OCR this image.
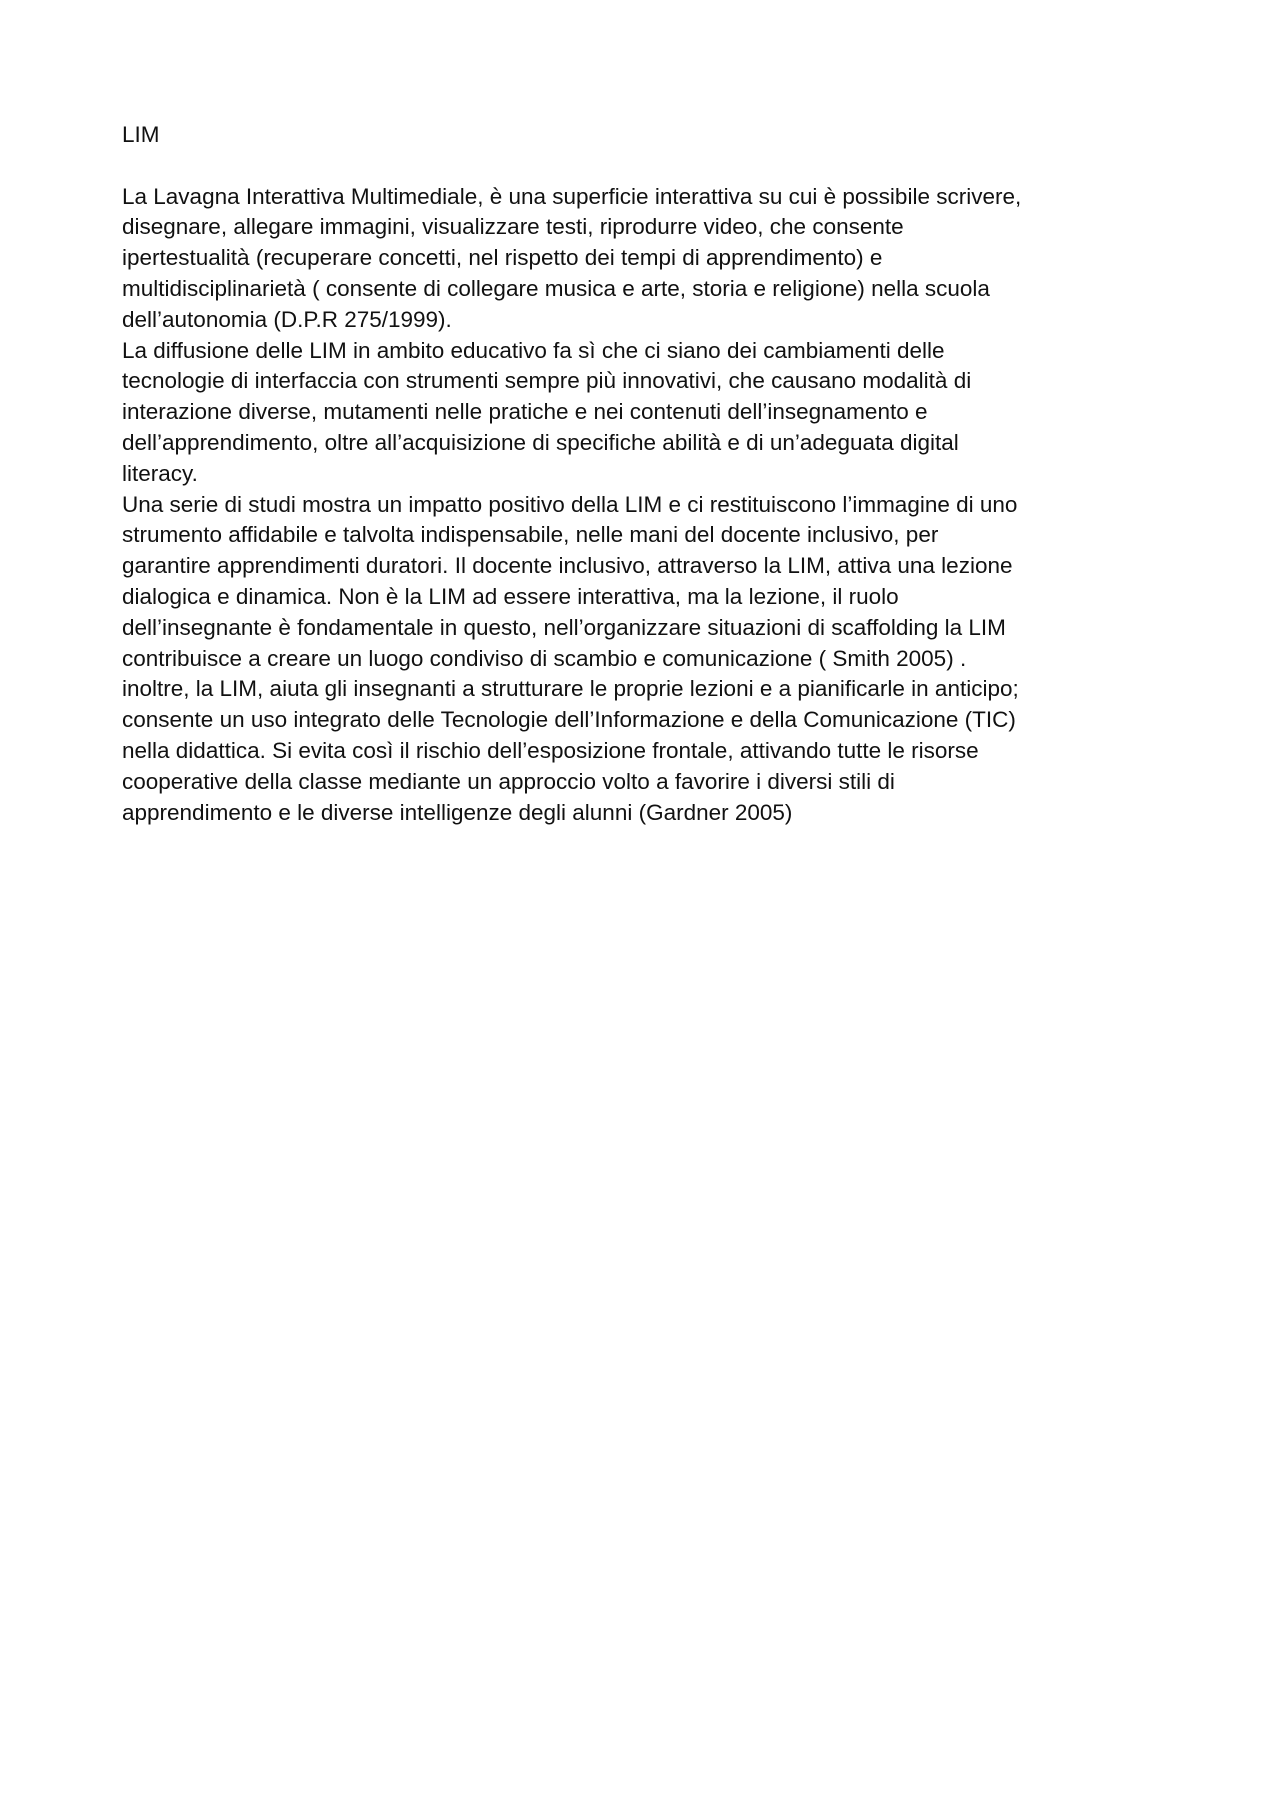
LIM
La Lavagna Interattiva Multimediale, è una superficie interattiva su cui è possibile scrivere,
disegnare, allegare immagini, visualizzare testi, riprodurre video, che consente
ipertestualità (recuperare concetti, nel rispetto dei tempi di apprendimento) e
multidisciplinarietà ( consente di collegare musica e arte, storia e religione) nella scuola
dell’autonomia (D.P.R 275/1999).
La diffusione delle LIM in ambito educativo fa sì che ci siano dei cambiamenti delle
tecnologie di interfaccia con strumenti sempre più innovativi, che causano modalità di
interazione diverse, mutamenti nelle pratiche e nei contenuti dell’insegnamento e
dell’apprendimento, oltre all’acquisizione di specifiche abilità e di un’adeguata digital
literacy.
Una serie di studi mostra un impatto positivo della LIM e ci restituiscono l’immagine di uno
strumento affidabile e talvolta indispensabile, nelle mani del docente inclusivo, per
garantire apprendimenti duratori. Il docente inclusivo, attraverso la LIM, attiva una lezione
dialogica e dinamica. Non è la LIM ad essere interattiva, ma la lezione, il ruolo
dell’insegnante è fondamentale in questo, nell’organizzare situazioni di scaffolding la LIM
contribuisce a creare un luogo condiviso di scambio e comunicazione ( Smith 2005) .
inoltre, la LIM, aiuta gli insegnanti a strutturare le proprie lezioni e a pianificarle in anticipo;
consente un uso integrato delle Tecnologie dell’Informazione e della Comunicazione (TIC)
nella didattica. Si evita così il rischio dell’esposizione frontale, attivando tutte le risorse
cooperative della classe mediante un approccio volto a favorire i diversi stili di
apprendimento e le diverse intelligenze degli alunni (Gardner 2005)
